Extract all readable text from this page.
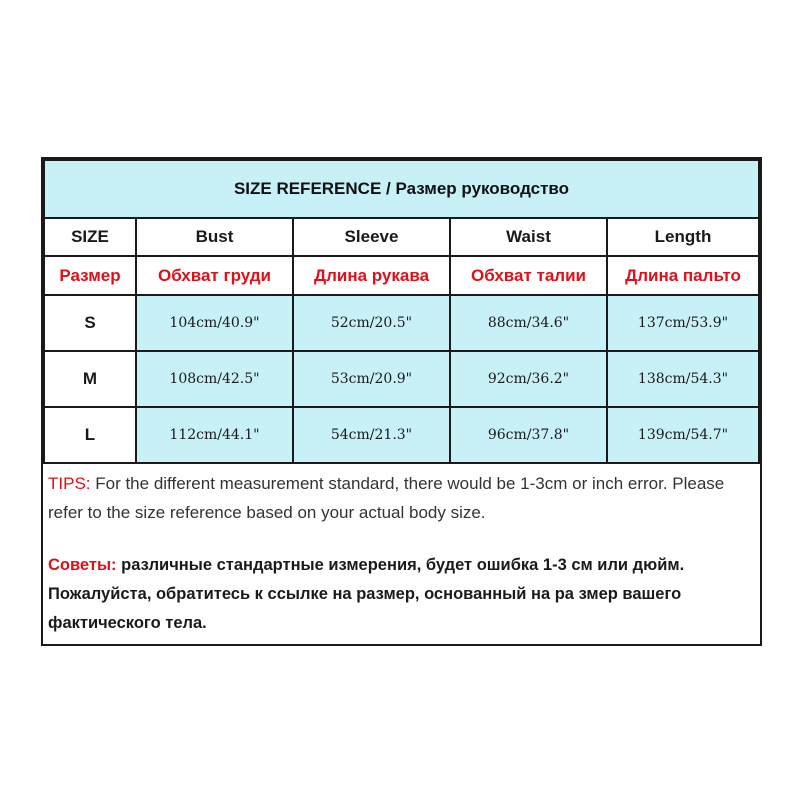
SIZE REFERENCE / Размер руководство				
SIZE	Bust	Sleeve	Waist	Length
Размер	Обхват груди	Длина рукава	Обхват талии	Длина пальто
S	104cm/40.9"	52cm/20.5"	88cm/34.6"	137cm/53.9"
M	108cm/42.5"	53cm/20.9"	92cm/36.2"	138cm/54.3"
L	112cm/44.1"	54cm/21.3"	96cm/37.8"	139cm/54.7"
TIPS: For the different measurement standard, there would be 1-3cm or inch error. Please refer to the size reference based on your actual body size.
Советы: различные стандартные измерения, будет ошибка 1-3 см или дюйм. Пожалуйста, обратитесь к ссылке на размер, основанный на ра змер вашего фактического тела.
